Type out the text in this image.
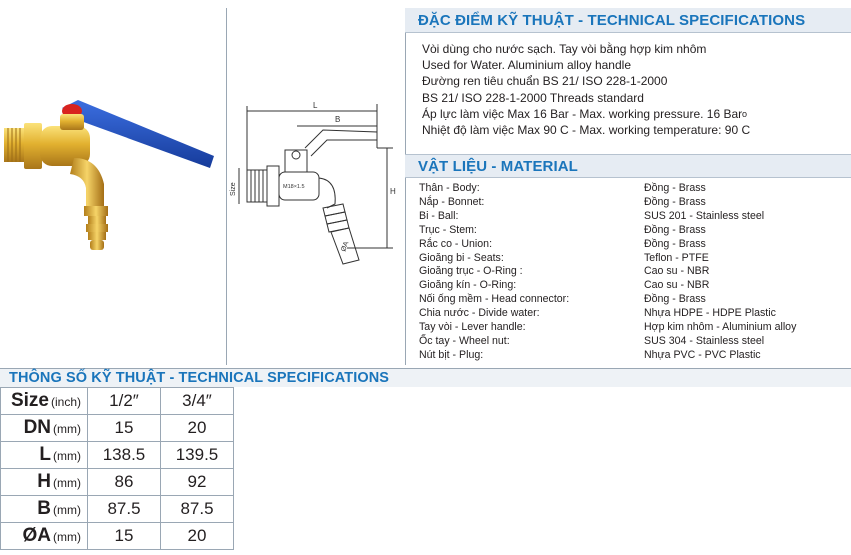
L
B
H
Size	M18×1.5
ØA
ĐẶC ĐIỂM KỸ THUẬT - TECHNICAL SPECIFICATIONS
Vòi dùng cho nước sạch. Tay vòi bằng hợp kim nhôm
Used for Water. Aluminium alloy handle
Đường ren tiêu chuẩn BS 21/ ISO 228-1-2000
BS 21/ ISO 228-1-2000 Threads standard
Áp lực làm việc Max 16 Bar - Max. working pressure. 16 Bar
Nhiệt độ làm việc Max 90 C - Max. working temperature: 90 C
o
VẬT LIỆU - MATERIAL
Thân - Body:	Đồng - Brass
Nắp - Bonnet:	Đồng - Brass
Bi - Ball:	SUS 201 - Stainless steel
Trục - Stem:	Đồng - Brass
Rắc co - Union:	Đồng - Brass
Gioăng bi - Seats:	Teflon - PTFE
Gioăng trục - O-Ring :	Cao su - NBR
Gioăng kín - O-Ring:	Cao su - NBR
Nối ống mềm - Head connector:	Đồng - Brass
Chia nước - Divide water:	Nhựa HDPE - HDPE Plastic
Tay vòi - Lever handle:	Hợp kim nhôm - Aluminium alloy
Ốc tay - Wheel nut:	SUS 304 - Stainless steel
Nút bịt - Plug:	Nhựa PVC - PVC Plastic
THÔNG SỐ KỸ THUẬT - TECHNICAL SPECIFICATIONS
Size (inch)	1/2″	3/4″
DN (mm)	15	20
L (mm)	138.5	139.5
H (mm)	86	92
B (mm)	87.5	87.5
ØA (mm)	15	20
